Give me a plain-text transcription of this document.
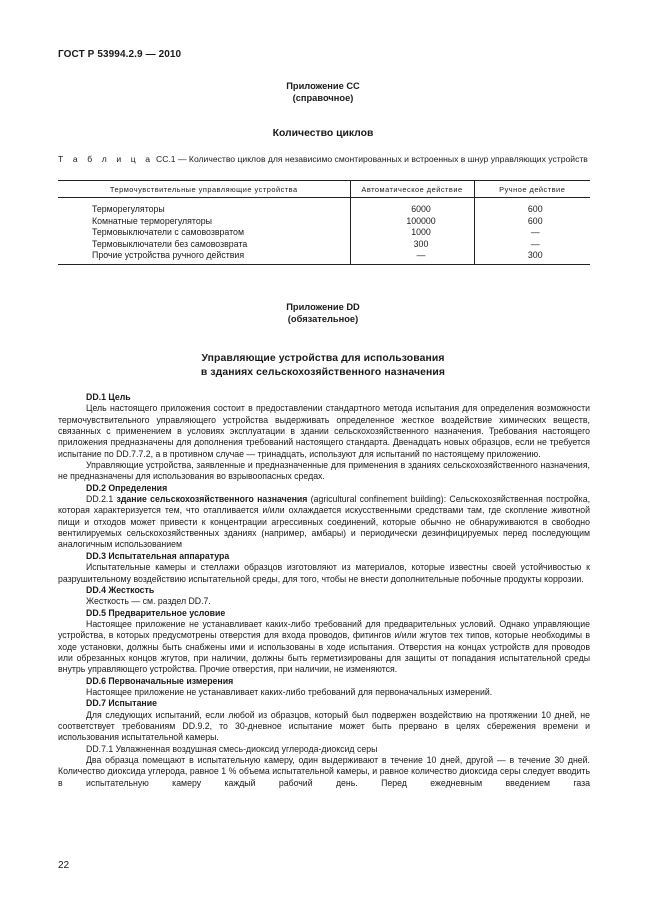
ГОСТ Р 53994.2.9 — 2010
Приложение СС
(справочное)
Количество циклов
Т а б л и ц а СС.1 — Количество циклов для независимо смонтированных и встроенных в шнур управляющих устройств
Термочувствительные управляющие устройства	Автоматическое действие	Ручное действие
Терморегуляторы	6000	600
Комнатные терморегуляторы	100000	600
Термовыключатели с самовозвратом	1000	—
Термовыключатели без самовозврата	300	—
Прочие устройства ручного действия	—	300
Приложение DD
(обязательное)
Управляющие устройства для использования
в зданиях сельскохозяйственного назначения

DD.1 Цель

Цель настоящего приложения состоит в предоставлении стандартного метода испытания для определения возможности термочувствительного управляющего устройства выдерживать определенное жесткое воздействие химических веществ, связанных с применением в условиях эксплуатации в здании сельскохозяйственного назначения. Требования настоящего приложения предназначены для дополнения требований настоящего стандарта. Двенадцать новых образцов, если не требуется испытание по DD.7.7.2, а в противном случае — тринадцать, используют для испытаний по настоящему приложению.

Управляющие устройства, заявленные и предназначенные для применения в зданиях сельскохозяйственного назначения, не предназначены для использования во взрывоопасных средах.

DD.2 Определения

DD.2.1 здание сельскохозяйственного назначения (agricultural confinement building): Сельскохозяйственная постройка, которая характеризуется тем, что отапливается и/или охлаждается искусственными средствами там, где скопление животной пищи и отходов может привести к концентрации агрессивных соединений, которые обычно не обнаруживаются в свободно вентилируемых сельскохозяйственных зданиях (например, амбары) и периодически дезинфицируемых перед последующим аналогичным использованием

DD.3 Испытательная аппаратура

Испытательные камеры и стеллажи образцов изготовляют из материалов, которые известны своей устойчивостью к разрушительному воздействию испытательной среды, для того, чтобы не внести дополнительные побочные продукты коррозии.

DD.4 Жесткость

Жесткость — см. раздел DD.7.

DD.5 Предварительное условие

Настоящее приложение не устанавливает каких-либо требований для предварительных условий. Однако управляющие устройства, в которых предусмотрены отверстия для входа проводов, фитингов и/или жгутов тех типов, которые необходимы в ходе установки, должны быть снабжены ими и использованы в ходе испытания. Отверстия на концах устройств для проводов или обрезанных концов жгутов, при наличии, должны быть герметизированы для защиты от попадания испытательной среды внутрь управляющего устройства. Прочие отверстия, при наличии, не изменяются.

DD.6 Первоначальные измерения

Настоящее приложение не устанавливает каких-либо требований для первоначальных измерений.

DD.7 Испытание

Для следующих испытаний, если любой из образцов, который был подвержен воздействию на протяжении 10 дней, не соответствует требованиям DD.9.2, то 30-дневное испытание может быть прервано в целях сбережения времени и использования испытательной камеры.

DD.7.1 Увлажненная воздушная смесь-диоксид углерода-диоксид серы

Два образца помещают в испытательную камеру, один выдерживают в течение 10 дней, другой — в течение 30 дней. Количество диоксида углерода, равное 1 % объема испытательной камеры, и равное количество диоксида серы следует вводить в испытательную камеру каждый рабочий день. Перед ежедневным введением газа

22
